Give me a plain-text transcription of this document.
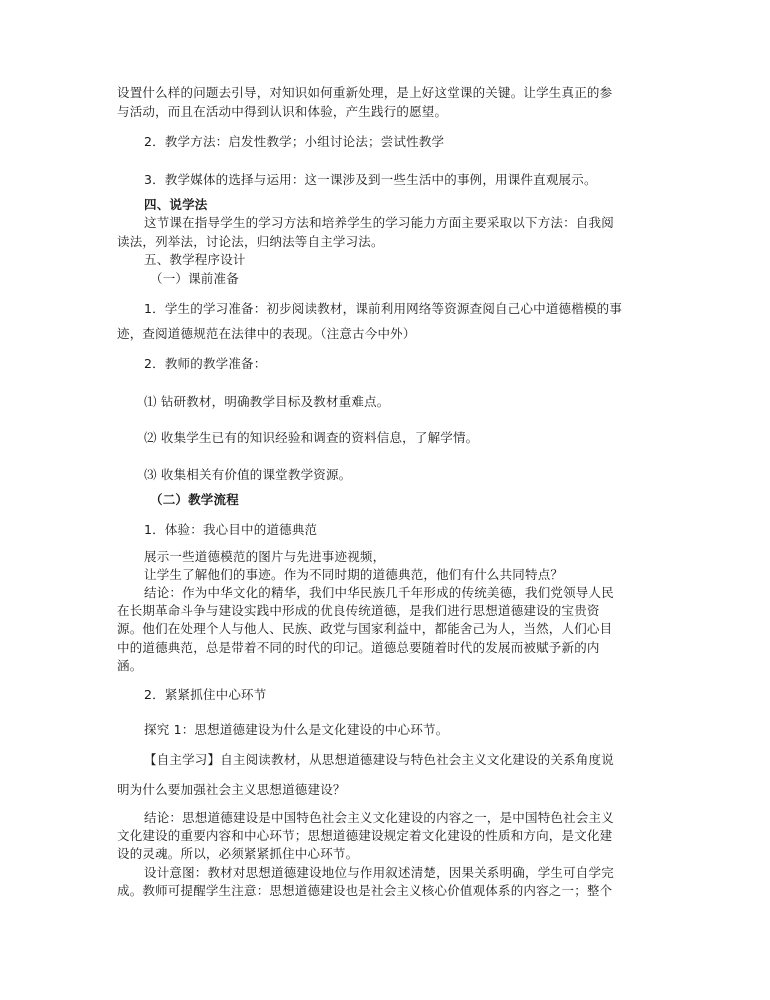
设置什么样的问题去引导，对知识如何重新处理，是上好这堂课的关键。让学生真正的参
与活动，而且在活动中得到认识和体验，产生践行的愿望。
2．教学方法：启发性教学；小组讨论法；尝试性教学
3．教学媒体的选择与运用：这一课涉及到一些生活中的事例，用课件直观展示。
四、说学法
这节课在指导学生的学习方法和培养学生的学习能力方面主要采取以下方法：自我阅
读法，列举法，讨论法，归纳法等自主学习法。
五、教学程序设计
（一）课前准备
1．学生的学习准备：初步阅读教材，课前利用网络等资源查阅自己心中道德楷模的事
迹，查阅道德规范在法律中的表现。（注意古今中外）
2．教师的教学准备：
⑴ 钻研教材，明确教学目标及教材重难点。
⑵ 收集学生已有的知识经验和调查的资料信息，了解学情。
⑶ 收集相关有价值的课堂教学资源。
（二）教学流程
1．体验：我心目中的道德典范
展示一些道德模范的图片与先进事迹视频，
让学生了解他们的事迹。作为不同时期的道德典范，他们有什么共同特点？
结论：作为中华文化的精华，我们中华民族几千年形成的传统美德，我们党领导人民
在长期革命斗争与建设实践中形成的优良传统道德，是我们进行思想道德建设的宝贵资
源。他们在处理个人与他人、民族、政党与国家利益中，都能舍己为人，当然，人们心目
中的道德典范，总是带着不同的时代的印记。道德总要随着时代的发展而被赋予新的内
涵。
2．紧紧抓住中心环节
探究 1：思想道德建设为什么是文化建设的中心环节。
【自主学习】自主阅读教材，从思想道德建设与特色社会主义文化建设的关系角度说
明为什么要加强社会主义思想道德建设？
结论：思想道德建设是中国特色社会主义文化建设的内容之一，是中国特色社会主义
文化建设的重要内容和中心环节；思想道德建设规定着文化建设的性质和方向，是文化建
设的灵魂。所以，必须紧紧抓住中心环节。
设计意图：教材对思想道德建设地位与作用叙述清楚，因果关系明确，学生可自学完
成。教师可提醒学生注意：思想道德建设也是社会主义核心价值观体系的内容之一；整个
